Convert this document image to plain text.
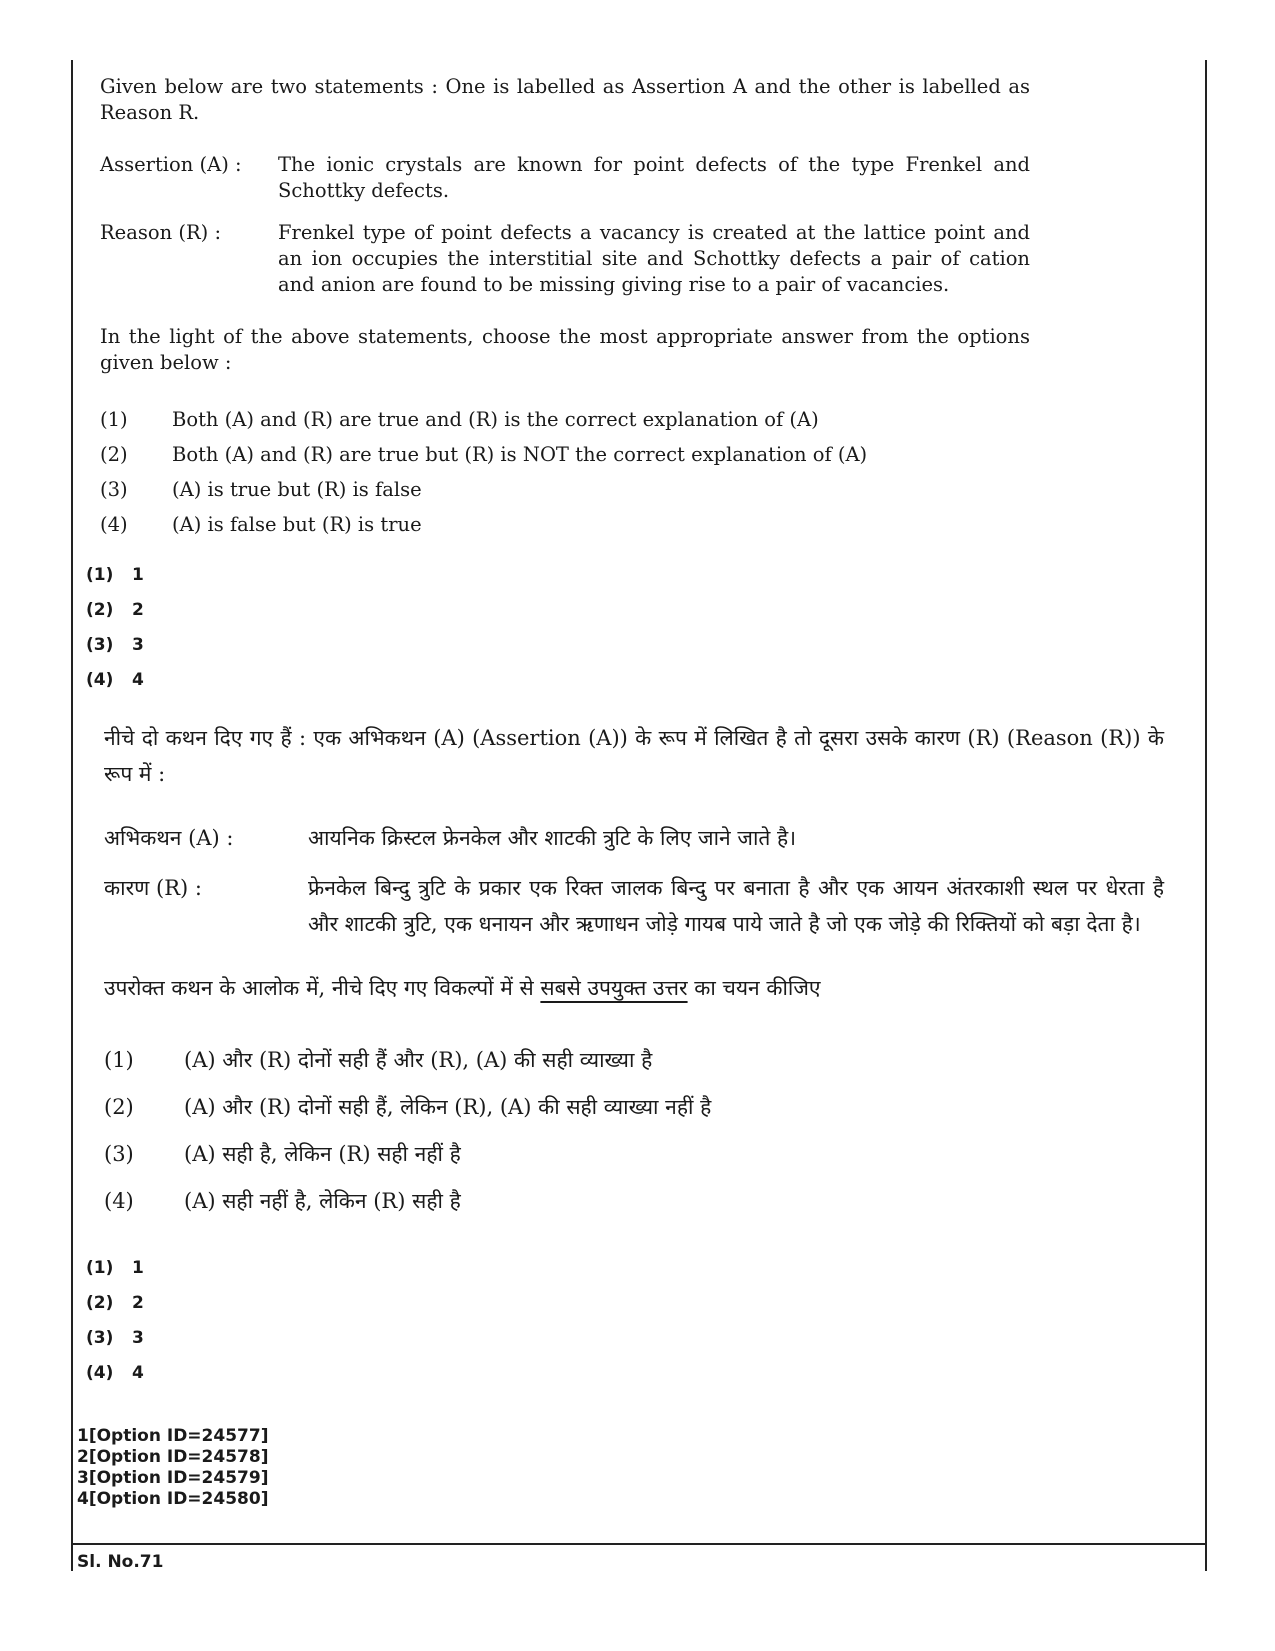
Given below are two statements : One is labelled as Assertion A and the other is labelled as Reason R.

Assertion (A) :	The ionic crystals are known for point defects of the type Frenkel and Schottky defects.
Reason (R) :	Frenkel type of point defects a vacancy is created at the lattice point and an ion occupies the interstitial site and Schottky defects a pair of cation and anion are found to be missing giving rise to a pair of vacancies.

In the light of the above statements, choose the most appropriate answer from the options given below :

(1)	Both (A) and (R) are true and (R) is the correct explanation of (A)
(2)	Both (A) and (R) are true but (R) is NOT the correct explanation of (A)
(3)	(A) is true but (R) is false
(4)	(A) is false but (R) is true
(1)	1
(2)	2
(3)	3
(4)	4

नीचे दो कथन दिए गए हैं : एक अभिकथन (A) (Assertion (A)) के रूप में लिखित है तो दूसरा उसके कारण (R) (Reason (R)) के रूप में :

अभिकथन (A) :	आयनिक क्रिस्टल फ्रेनकेल और शाटकी त्रुटि के लिए जाने जाते है।
कारण (R) :	फ्रेनकेल बिन्दु त्रुटि के प्रकार एक रिक्त जालक बिन्दु पर बनाता है और एक आयन अंतरकाशी स्थल पर धेरता है और शाटकी त्रुटि, एक धनायन और ऋणाधन जोड़े गायब पाये जाते है जो एक जोड़े की रिक्तियों को बड़ा देता है।

उपरोक्त कथन के आलोक में, नीचे दिए गए विकल्पों में से सबसे उपयुक्त उत्तर का चयन कीजिए

(1)	(A) और (R) दोनों सही हैं और (R), (A) की सही व्याख्या है
(2)	(A) और (R) दोनों सही हैं, लेकिन (R), (A) की सही व्याख्या नहीं है
(3)	(A) सही है, लेकिन (R) सही नहीं है
(4)	(A) सही नहीं है, लेकिन (R) सही है
(1)	1
(2)	2
(3)	3
(4)	4
1[Option ID=24577]
2[Option ID=24578]
3[Option ID=24579]
4[Option ID=24580]
Sl. No.71
